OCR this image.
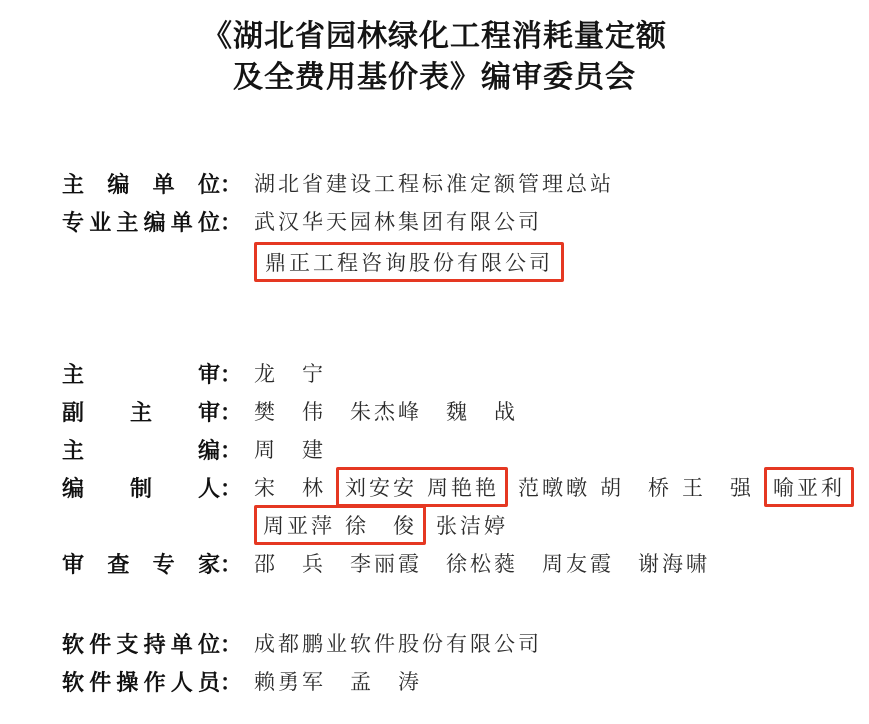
《湖北省园林绿化工程消耗量定额
及全费用基价表》编审委员会
主 编 单 位 ： 湖北省建设工程标准定额管理总站
专业主编单位 ： 武汉华天园林集团有限公司
鼎正工程咨询股份有限公司
主 审 ： 龙　宁
副 主 审 ： 樊　伟 朱杰峰 魏　战
主 编 ： 周　建
编 制 人 ： 宋　林 刘安安 周艳艳 范暾暾 胡　桥 王　强 喻亚利
周亚萍 徐　俊 张洁婷
审 查 专 家 ： 邵　兵 李丽霞 徐松蕤 周友霞 谢海啸
软件支持单位 ： 成都鹏业软件股份有限公司
软件操作人员 ： 赖勇军 孟　涛
